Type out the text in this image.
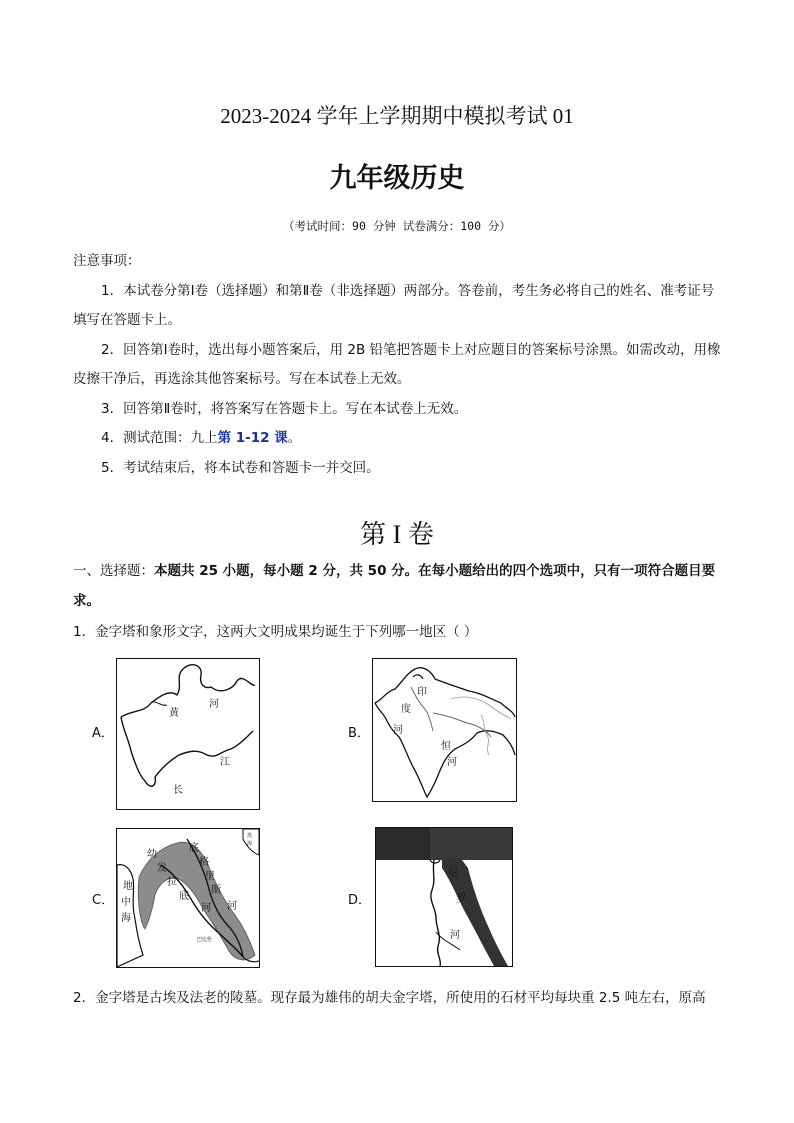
2023-2024 学年上学期期中模拟考试 01
九年级历史
（考试时间：90 分钟 试卷满分：100 分）

注意事项：

1．本试卷分第Ⅰ卷（选择题）和第Ⅱ卷（非选择题）两部分。答卷前，考生务必将自己的姓名、准考证号填写在答题卡上。

2．回答第Ⅰ卷时，选出每小题答案后，用 2B 铅笔把答题卡上对应题目的答案标号涂黑。如需改动，用橡皮擦干净后，再选涂其他答案标号。写在本试卷上无效。

3．回答第Ⅱ卷时，将答案写在答题卡上。写在本试卷上无效。

4．测试范围：九上第 1-12 课。

5．考试结束后，将本试卷和答题卡一并交回。

第 I 卷
一、选择题：本题共 25 小题，每小题 2 分，共 50 分。在每小题给出的四个选项中，只有一项符合题目要求。
1．金字塔和象形文字，这两大文明成果均诞生于下列哪一地区（ ）
A．
黄
河
长
江
B．
印
度
河
恒
河
C．
底
格
里
斯
河
幼
发
拉
底
河
地
中
海
黑
海
巴比伦
D．
尼
罗
河
2．金字塔是古埃及法老的陵墓。现存最为雄伟的胡夫金字塔，所使用的石材平均每块重 2.5 吨左右，原高
